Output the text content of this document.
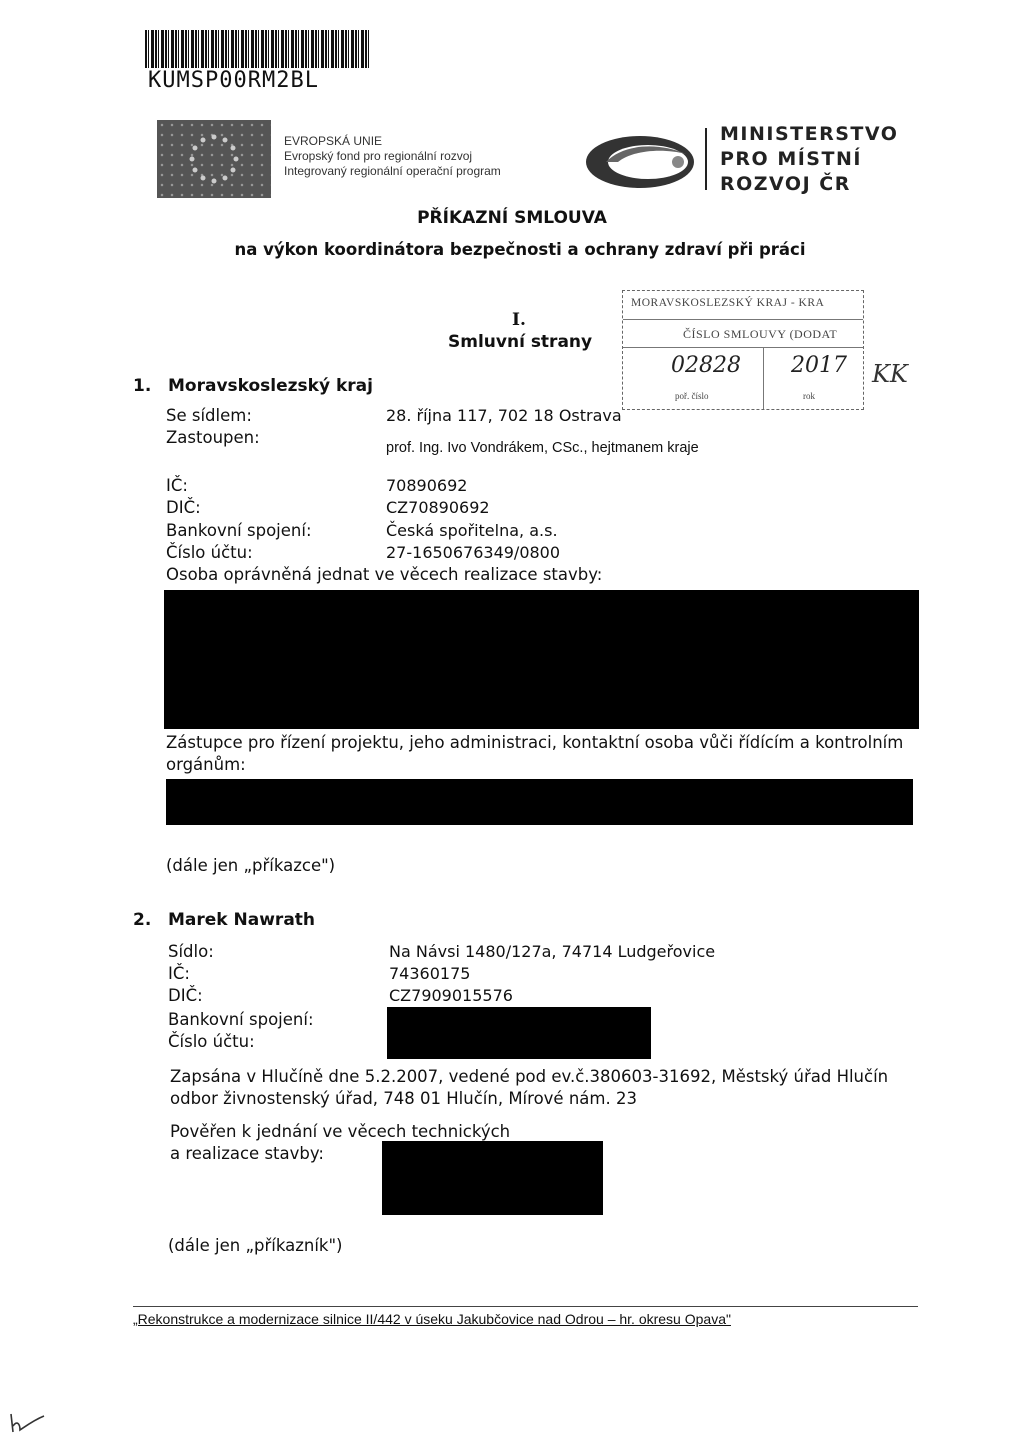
KUMSP00RM2BL
EVROPSKÁ UNIE
Evropský fond pro regionální rozvoj
Integrovaný regionální operační program
MINISTERSTVO
PRO MÍSTNÍ
ROZVOJ ČR
PŘÍKAZNÍ SMLOUVA
na výkon koordinátora bezpečnosti a ochrany zdraví při práci
I.
Smluvní strany
MORAVSKOSLEZSKÝ KRAJ - KRA
ČÍSLO SMLOUVY (DODAT
02828 2017
poř. číslo	rok
KK
1. Moravskoslezský kraj
Se sídlem:	28. října 117, 702 18 Ostrava
Zastoupen:
prof. Ing. Ivo Vondrákem, CSc., hejtmanem kraje
IČ:	70890692
DIČ:	CZ70890692
Bankovní spojení:	Česká spořitelna, a.s.
Číslo účtu:	27-1650676349/0800
Osoba oprávněná jednat ve věcech realizace stavby:
Zástupce pro řízení projektu, jeho administraci, kontaktní osoba vůči řídícím a kontrolním
orgánům:
(dále jen „příkazce")
2. Marek Nawrath
Sídlo:	Na Návsi 1480/127a, 74714 Ludgeřovice
IČ:	74360175
DIČ:	CZ7909015576
Bankovní spojení:
Číslo účtu:
Zapsána v Hlučíně dne 5.2.2007, vedené pod ev.č.380603-31692, Městský úřad Hlučín
odbor živnostenský úřad, 748 01 Hlučín, Mírové nám. 23
Pověřen k jednání ve věcech technických
a realizace stavby:
(dále jen „příkazník")
„Rekonstrukce a modernizace silnice II/442 v úseku Jakubčovice nad Odrou – hr. okresu Opava"
